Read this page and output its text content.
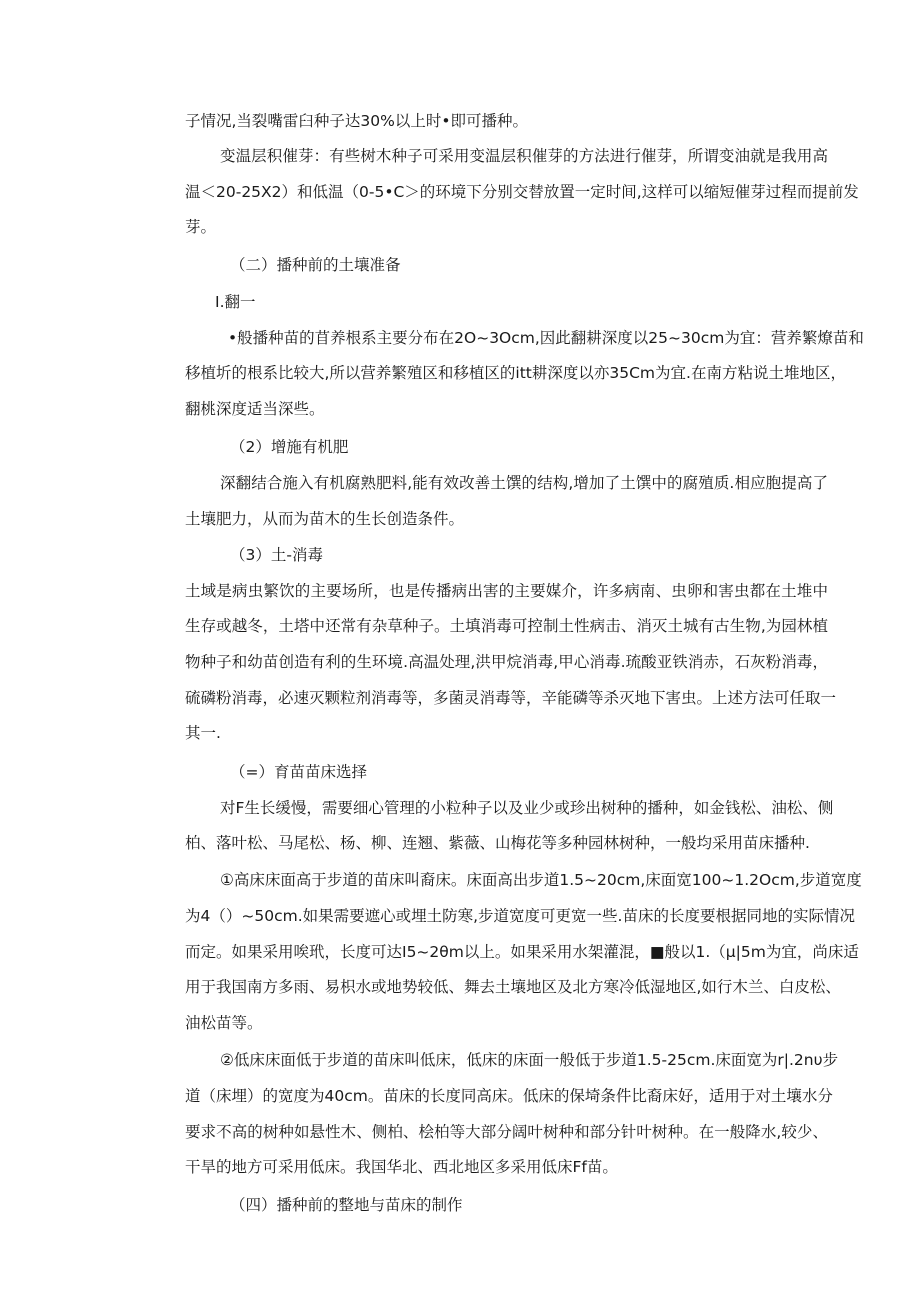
子情况,当裂嘴雷臼种子达30%以上时•即可播种。
变温层积催芽：有些树木种子可采用变温层积催芽的方法进行催芽，所谓变油就是我用高
温＜20-25X2）和低温（0-5•C＞的环境下分别交替放置一定时间,这样可以缩短催芽过程而提前发
芽。
（二）播种前的土壤准备
I.翻一
•般播种苗的苜养根系主要分布在2O~3Ocm,因此翻耕深度以25~30cm为宜：营养繁燎苗和
移植圻的根系比较大,所以营养繁殖区和移植区的itt耕深度以亦35Cm为宜.在南方粘说土堆地区，
翻桃深度适当深些。
（2）增施有机肥
深翻结合施入有机腐熟肥料,能有效改善土馔的结构,增加了土馔中的腐殖质.相应胞提高了
土壤肥力，从而为苗木的生长创造条件。
（3）土-消毒
土域是病虫繁饮的主要场所，也是传播病出害的主要媒介，许多病南、虫卵和害虫都在土堆中
生存或越冬，土塔中还常有杂草种子。土填消毒可控制土性病击、消灭土城有古生物,为园林植
物种子和幼苗创造有利的生环境.高温处理,洪甲烷消毒,甲心消毒.琉酸亚铁消赤，石灰粉消毒，
硫磷粉消毒，必速灭颗粒剂消毒等，多菌灵消毒等，辛能磷等杀灭地下害虫。上述方法可任取一
其一.
（=）育苗苗床选择
对F生长缓慢，需要细心管理的小粒种子以及业少或珍出树种的播种，如金钱松、油松、侧
柏、落叶松、马尾松、杨、柳、连翘、紫薇、山梅花等多种园林树种，一般均采用苗床播种.
①高床床面高于步道的苗床叫裔床。床面高出步道1.5~20cm,床面宽100~1.2Ocm,步道宽度
为4（）~50cm.如果需要遮心或埋土防寒,步道宽度可更宽一些.苗床的长度要根据同地的实际情况
而定。如果采用唉玳，长度可达I5~2θm以上。如果采用水架灌混，■般以1.（μ|5m为宜，尚床适
用于我国南方多雨、易枳水或地势较低、舞去土壤地区及北方寒冷低湿地区,如行木兰、白皮松、
油松苗等。
②低床床面低于步道的苗床叫低床，低床的床面一般低于步道1.5-25cm.床面宽为r|.2nυ步
道（床埋）的宽度为40cm。苗床的长度同高床。低床的保埼条件比裔床好，适用于对土壤水分
要求不高的树种如悬性木、侧柏、桧柏等大部分阔叶树种和部分针叶树种。在一般降水,较少、
干旱的地方可采用低床。我国华北、西北地区多采用低床Ff苗。
（四）播种前的整地与苗床的制作
